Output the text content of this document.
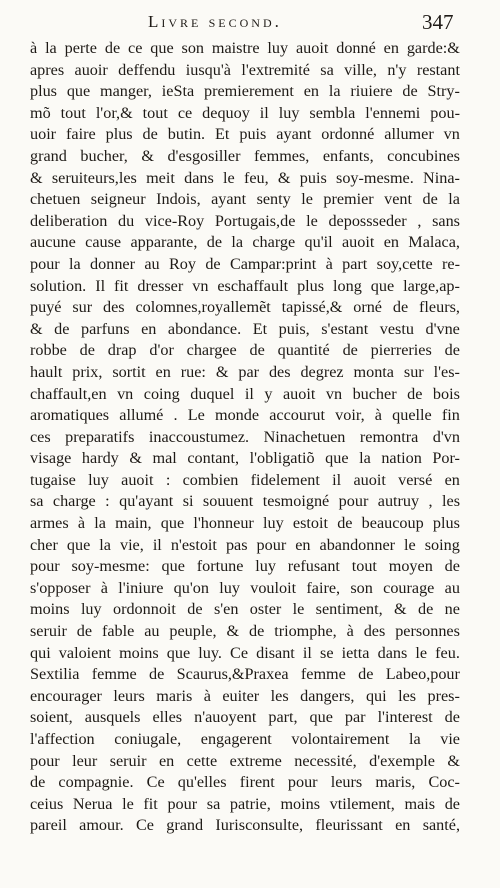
Livre second.	347
à la perte de ce que son maistre luy auoit donné en garde:&
apres auoir deffendu iusqu'à l'extremité sa ville, n'y restant
plus que manger, ieSta premierement en la riuiere de Stry-
mõ tout l'or,& tout ce dequoy il luy sembla l'ennemi pou-
uoir faire plus de butin. Et puis ayant ordonné allumer vn
grand bucher, & d'esgosiller femmes, enfants, concubines
& seruiteurs,les meit dans le feu, & puis soy-mesme. Nina-
chetuen seigneur Indois, ayant senty le premier vent de la
deliberation du vice-Roy Portugais,de le depossseder , sans
aucune cause apparante, de la charge qu'il auoit en Malaca,
pour la donner au Roy de Campar:print à part soy,cette re-
solution. Il fit dresser vn eschaffault plus long que large,ap-
puyé sur des colomnes,royallemẽt tapissé,& orné de fleurs,
& de parfuns en abondance. Et puis, s'estant vestu d'vne
robbe de drap d'or chargee de quantité de pierreries de
hault prix, sortit en rue: & par des degrez monta sur l'es-
chaffault,en vn coing duquel il y auoit vn bucher de bois
aromatiques allumé . Le monde accourut voir, à quelle fin
ces preparatifs inaccoustumez. Ninachetuen remontra d'vn
visage hardy & mal contant, l'obligatiõ que la nation Por-
tugaise luy auoit : combien fidelement il auoit versé en
sa charge : qu'ayant si souuent tesmoigné pour autruy , les
armes à la main, que l'honneur luy estoit de beaucoup plus
cher que la vie, il n'estoit pas pour en abandonner le soing
pour soy-mesme: que fortune luy refusant tout moyen de
s'opposer à l'iniure qu'on luy vouloit faire, son courage au
moins luy ordonnoit de s'en oster le sentiment, & de ne
seruir de fable au peuple, & de triomphe, à des personnes
qui valoient moins que luy. Ce disant il se ietta dans le feu.
Sextilia femme de Scaurus,&Praxea femme de Labeo,pour
encourager leurs maris à euiter les dangers, qui les pres-
soient, ausquels elles n'auoyent part, que par l'interest de
l'affection coniugale, engagerent volontairement la vie
pour leur seruir en cette extreme necessité, d'exemple &
de compagnie. Ce qu'elles firent pour leurs maris, Coc-
ceius Nerua le fit pour sa patrie, moins vtilement, mais de
pareil amour. Ce grand Iurisconsulte, fleurissant en santé,
